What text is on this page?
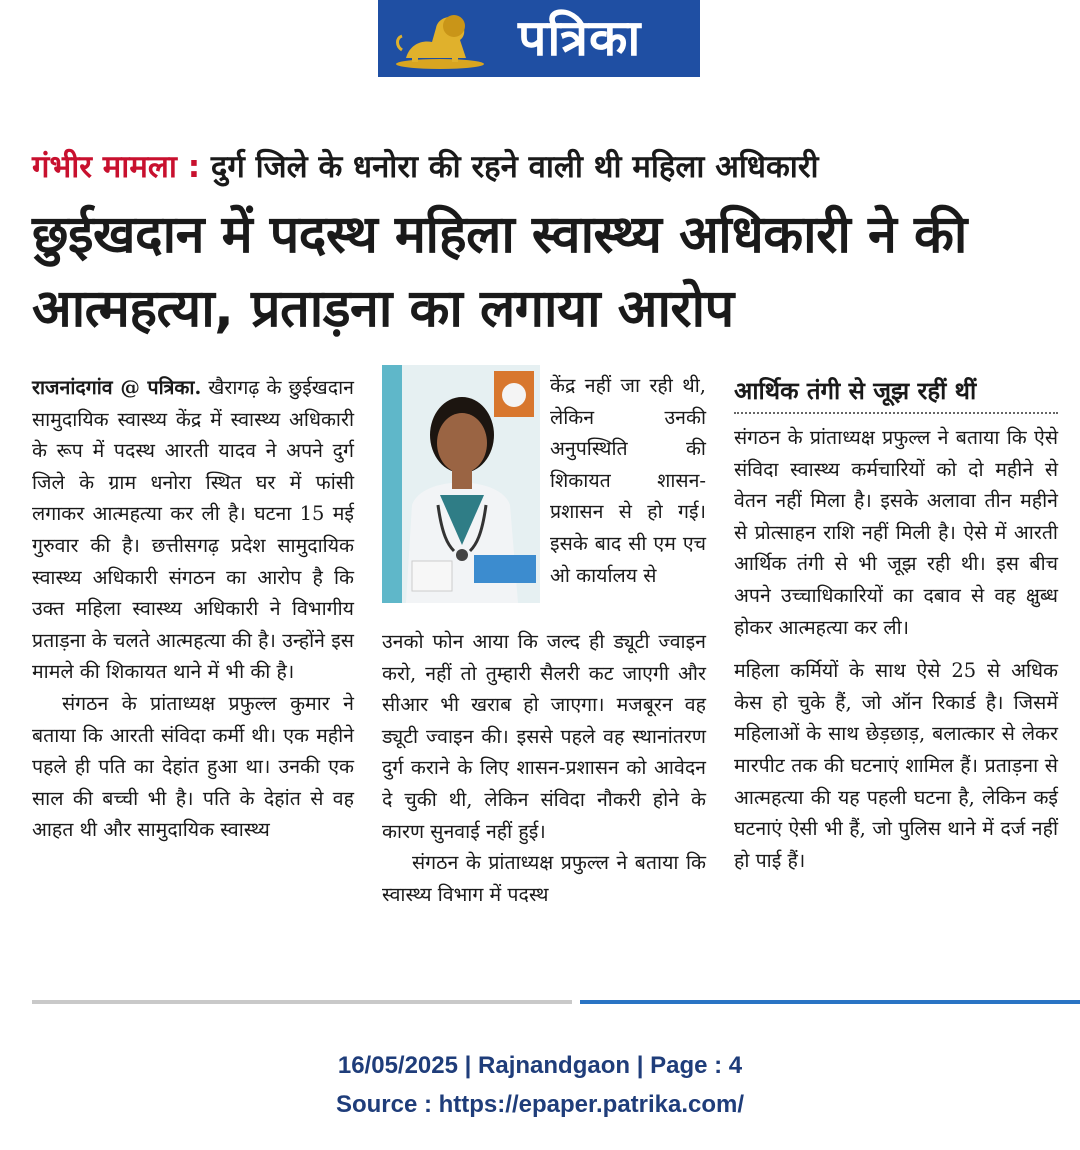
पत्रिका
गंभीर मामला : दुर्ग जिले के धनोरा की रहने वाली थी महिला अधिकारी
छुईखदान में पदस्थ महिला स्वास्थ्य अधिकारी ने की आत्महत्या, प्रताड़ना का लगाया आरोप

राजनांदगांव @ पत्रिका. खैरागढ़ के छुईखदान सामुदायिक स्वास्थ्य केंद्र में स्वास्थ्य अधिकारी के रूप में पदस्थ आरती यादव ने अपने दुर्ग जिले के ग्राम धनोरा स्थित घर में फांसी लगाकर आत्महत्या कर ली है। घटना 15 मई गुरुवार की है। छत्तीसगढ़ प्रदेश सामुदायिक स्वास्थ्य अधिकारी संगठन का आरोप है कि उक्त महिला स्वास्थ्य अधिकारी ने विभागीय प्रताड़ना के चलते आत्महत्या की है। उन्होंने इस मामले की शिकायत थाने में भी की है।

संगठन के प्रांताध्यक्ष प्रफुल्ल कुमार ने बताया कि आरती संविदा कर्मी थी। एक महीने पहले ही पति का देहांत हुआ था। उनकी एक साल की बच्ची भी है। पति के देहांत से वह आहत थी और सामुदायिक स्वास्थ्य

केंद्र नहीं जा रही थी, लेकिन उनकी अनुपस्थिति की शिकायत शासन-प्रशासन से हो गई। इसके बाद सी एम एच ओ कार्यालय से

उनको फोन आया कि जल्द ही ड्यूटी ज्वाइन करो, नहीं तो तुम्हारी सैलरी कट जाएगी और सीआर भी खराब हो जाएगा। मजबूरन वह ड्यूटी ज्वाइन की। इससे पहले वह स्थानांतरण दुर्ग कराने के लिए शासन-प्रशासन को आवेदन दे चुकी थी, लेकिन संविदा नौकरी होने के कारण सुनवाई नहीं हुई।

संगठन के प्रांताध्यक्ष प्रफुल्ल ने बताया कि स्वास्थ्य विभाग में पदस्थ

आर्थिक तंगी से जूझ रहीं थीं

संगठन के प्रांताध्यक्ष प्रफुल्ल ने बताया कि ऐसे संविदा स्वास्थ्य कर्मचारियों को दो महीने से वेतन नहीं मिला है। इसके अलावा तीन महीने से प्रोत्साहन राशि नहीं मिली है। ऐसे में आरती आर्थिक तंगी से भी जूझ रही थी। इस बीच अपने उच्चाधिकारियों का दबाव से वह क्षुब्ध होकर आत्महत्या कर ली।

महिला कर्मियों के साथ ऐसे 25 से अधिक केस हो चुके हैं, जो ऑन रिकार्ड है। जिसमें महिलाओं के साथ छेड़छाड़, बलात्कार से लेकर मारपीट तक की घटनाएं शामिल हैं। प्रताड़ना से आत्महत्या की यह पहली घटना है, लेकिन कई घटनाएं ऐसी भी हैं, जो पुलिस थाने में दर्ज नहीं हो पाई हैं।

16/05/2025 | Rajnandgaon | Page : 4
Source : https://epaper.patrika.com/
